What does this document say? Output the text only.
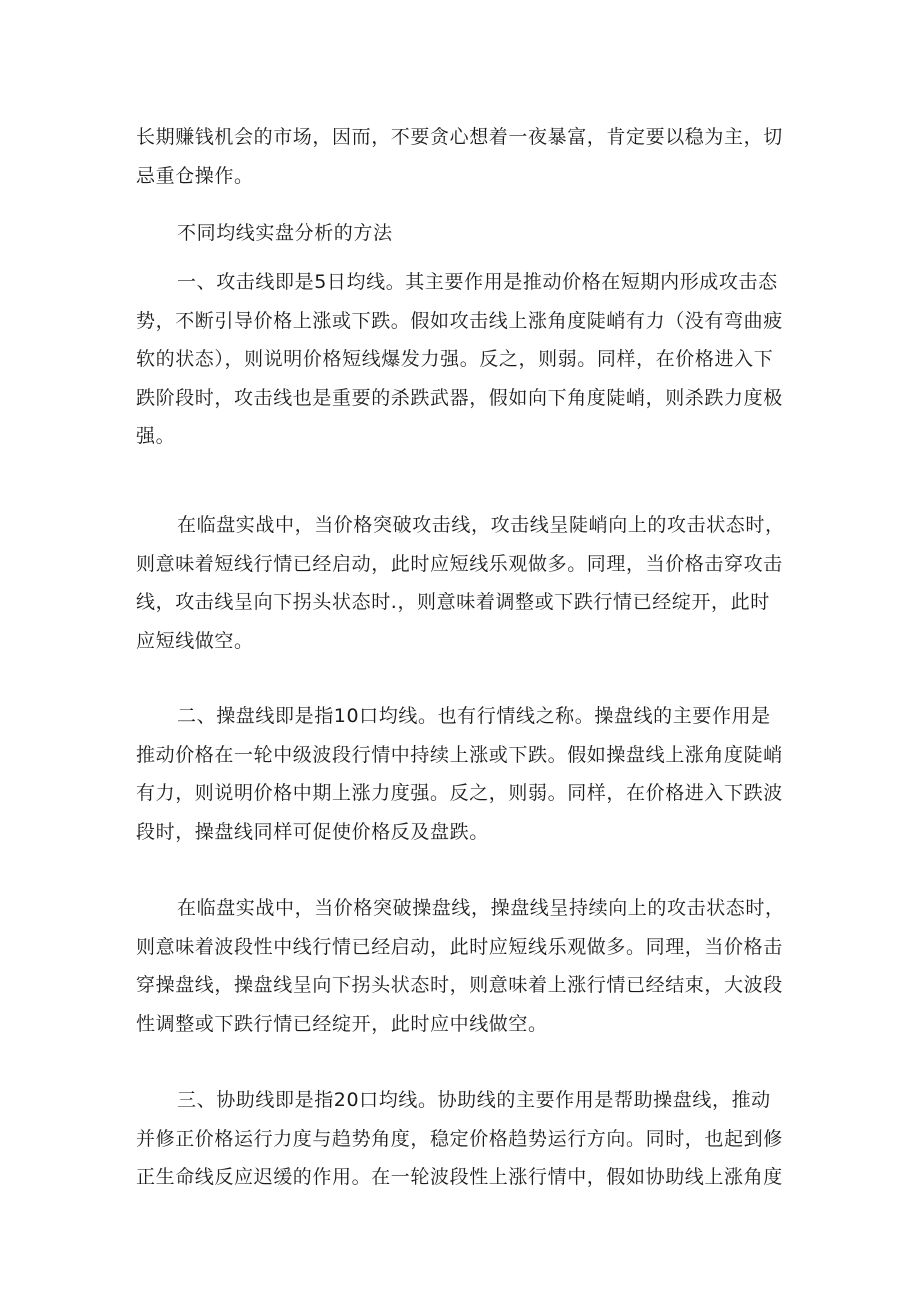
长期赚钱机会的市场，因而，不要贪心想着一夜暴富，肯定要以稳为主，切
忌重仓操作。
不同均线实盘分析的方法
一、攻击线即是5日均线。其主要作用是推动价格在短期内形成攻击态
势，不断引导价格上涨或下跌。假如攻击线上涨角度陡峭有力（没有弯曲疲
软的状态），则说明价格短线爆发力强。反之，则弱。同样，在价格进入下
跌阶段时，攻击线也是重要的杀跌武器，假如向下角度陡峭，则杀跌力度极
强。
在临盘实战中，当价格突破攻击线，攻击线呈陡峭向上的攻击状态时，
则意味着短线行情已经启动，此时应短线乐观做多。同理，当价格击穿攻击
线，攻击线呈向下拐头状态时.，则意味着调整或下跌行情已经绽开，此时
应短线做空。
二、操盘线即是指10口均线。也有行情线之称。操盘线的主要作用是
推动价格在一轮中级波段行情中持续上涨或下跌。假如操盘线上涨角度陡峭
有力，则说明价格中期上涨力度强。反之，则弱。同样，在价格进入下跌波
段时，操盘线同样可促使价格反及盘跌。
在临盘实战中，当价格突破操盘线，操盘线呈持续向上的攻击状态时，
则意味着波段性中线行情已经启动，此时应短线乐观做多。同理，当价格击
穿操盘线，操盘线呈向下拐头状态时，则意味着上涨行情已经结束，大波段
性调整或下跌行情已经绽开，此时应中线做空。
三、协助线即是指20口均线。协助线的主要作用是帮助操盘线，推动
并修正价格运行力度与趋势角度，稳定价格趋势运行方向。同时，也起到修
正生命线反应迟缓的作用。在一轮波段性上涨行情中，假如协助线上涨角度
